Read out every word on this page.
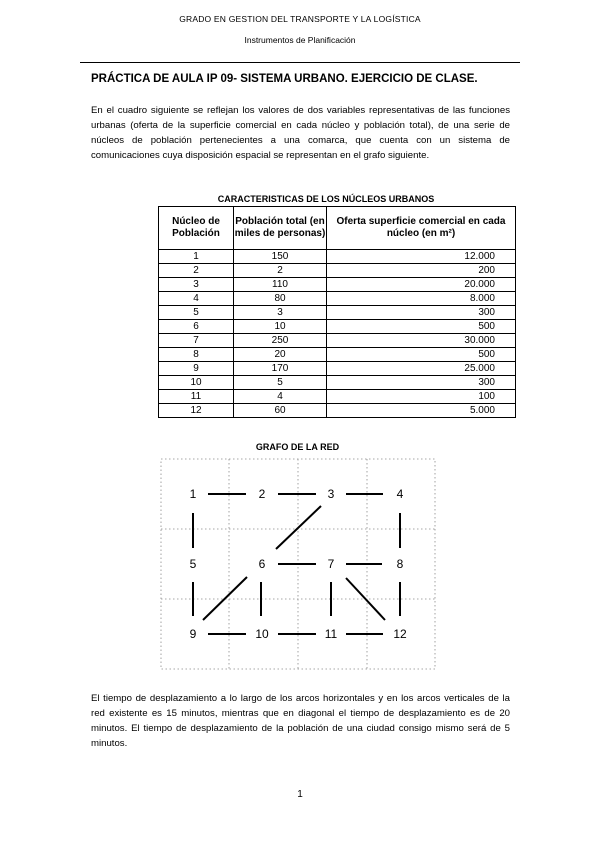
GRADO EN GESTION DEL TRANSPORTE Y LA LOGÍSTICA
Instrumentos de Planificación
PRÁCTICA DE AULA IP 09- SISTEMA URBANO. EJERCICIO DE CLASE.
En el cuadro siguiente se reflejan los valores de dos variables representativas de las funciones urbanas (oferta de la superficie comercial en cada núcleo y población total), de una serie de núcleos de población pertenecientes a una comarca, que cuenta con un sistema de comunicaciones cuya disposición espacial se representan en el grafo siguiente.
CARACTERISTICAS DE LOS NÚCLEOS URBANOS
Núcleo de Población	Población total (en miles de personas)	Oferta superficie comercial en cada núcleo (en m²)
1	150	12.000
2	2	200
3	110	20.000
4	80	8.000
5	3	300
6	10	500
7	250	30.000
8	20	500
9	170	25.000
10	5	300
11	4	100
12	60	5.000
GRAFO DE LA RED
1	2	3	4
5	6	7	8
9	10	11	12
El tiempo de desplazamiento a lo largo de los arcos horizontales y en los arcos verticales de la red existente es 15 minutos, mientras que en diagonal el tiempo de desplazamiento es de 20 minutos. El tiempo de desplazamiento de la población de una ciudad consigo mismo será de 5 minutos.
1
